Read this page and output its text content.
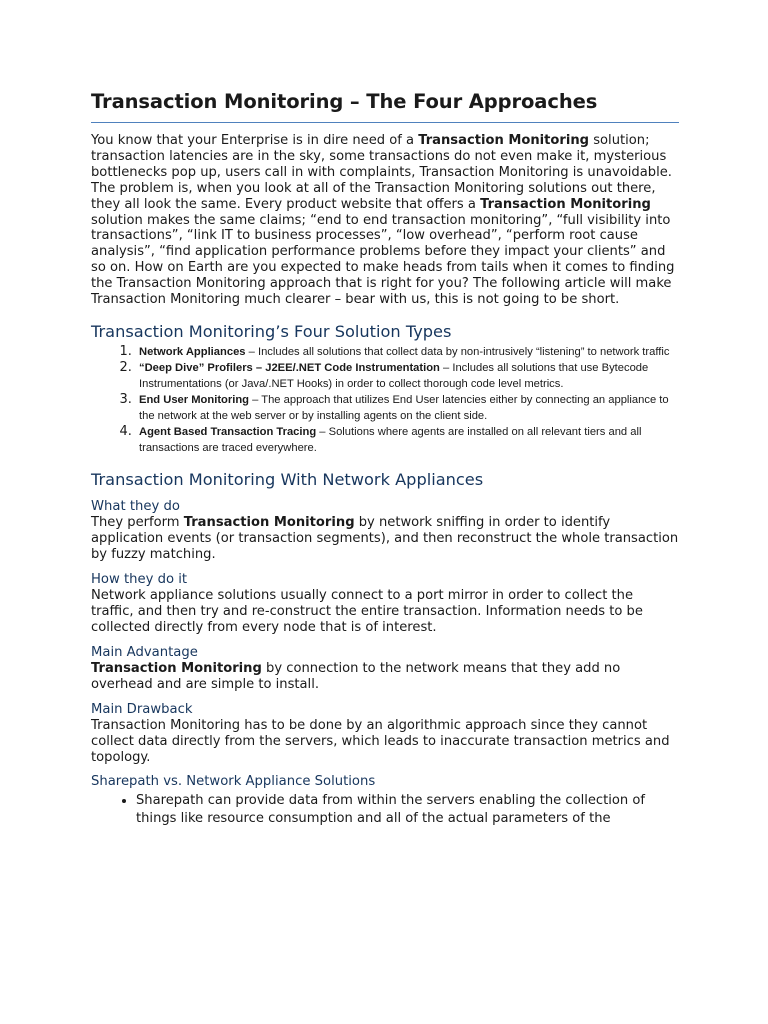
Transaction Monitoring – The Four Approaches

You know that your Enterprise is in dire need of a Transaction Monitoring solution; transaction latencies are in the sky, some transactions do not even make it, mysterious bottlenecks pop up, users call in with complaints, Transaction Monitoring is unavoidable. The problem is, when you look at all of the Transaction Monitoring solutions out there, they all look the same. Every product website that offers a Transaction Monitoring solution makes the same claims; “end to end transaction monitoring”, “full visibility into transactions”, “link IT to business processes”, “low overhead”, “perform root cause analysis”, “find application performance problems before they impact your clients” and so on. How on Earth are you expected to make heads from tails when it comes to finding the Transaction Monitoring approach that is right for you? The following article will make Transaction Monitoring much clearer – bear with us, this is not going to be short.

Transaction Monitoring’s Four Solution Types
1. Network Appliances – Includes all solutions that collect data by non-intrusively “listening” to network traffic
2. “Deep Dive” Profilers – J2EE/.NET Code Instrumentation – Includes all solutions that use Bytecode Instrumentations (or Java/.NET Hooks) in order to collect thorough code level metrics.
3. End User Monitoring – The approach that utilizes End User latencies either by connecting an appliance to the network at the web server or by installing agents on the client side.
4. Agent Based Transaction Tracing – Solutions where agents are installed on all relevant tiers and all transactions are traced everywhere.
Transaction Monitoring With Network Appliances
What they do

They perform Transaction Monitoring by network sniffing in order to identify application events (or transaction segments), and then reconstruct the whole transaction by fuzzy matching.

How they do it

Network appliance solutions usually connect to a port mirror in order to collect the traffic, and then try and re-construct the entire transaction. Information needs to be collected directly from every node that is of interest.

Main Advantage

Transaction Monitoring by connection to the network means that they add no overhead and are simple to install.

Main Drawback

Transaction Monitoring has to be done by an algorithmic approach since they cannot collect data directly from the servers, which leads to inaccurate transaction metrics and topology.

Sharepath vs. Network Appliance Solutions
• Sharepath can provide data from within the servers enabling the collection of things like resource consumption and all of the actual parameters of the
